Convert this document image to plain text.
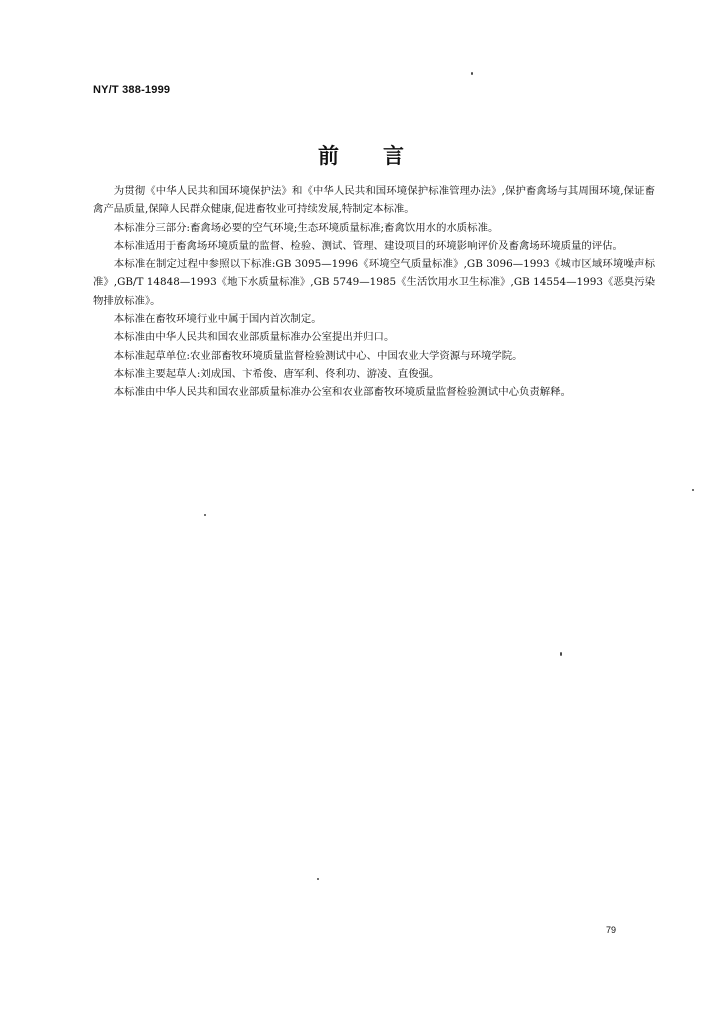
NY/T 388-1999
前言

为贯彻《中华人民共和国环境保护法》和《中华人民共和国环境保护标准管理办法》,保护畜禽场与其周围环境,保证畜禽产品质量,保障人民群众健康,促进畜牧业可持续发展,特制定本标准。

本标准分三部分:畜禽场必要的空气环境;生态环境质量标准;畜禽饮用水的水质标准。

本标准适用于畜禽场环境质量的监督、检验、测试、管理、建设项目的环境影响评价及畜禽场环境质量的评估。

本标准在制定过程中参照以下标准:GB 3095—1996《环境空气质量标准》,GB 3096—1993《城市区域环境噪声标准》,GB/T 14848—1993《地下水质量标准》,GB 5749—1985《生活饮用水卫生标准》,GB 14554—1993《恶臭污染物排放标准》。

本标准在畜牧环境行业中属于国内首次制定。

本标准由中华人民共和国农业部质量标准办公室提出并归口。

本标准起草单位:农业部畜牧环境质量监督检验测试中心、中国农业大学资源与环境学院。

本标准主要起草人:刘成国、卞希俊、唐军利、佟利功、游凌、直俊强。

本标准由中华人民共和国农业部质量标准办公室和农业部畜牧环境质量监督检验测试中心负责解释。

79
